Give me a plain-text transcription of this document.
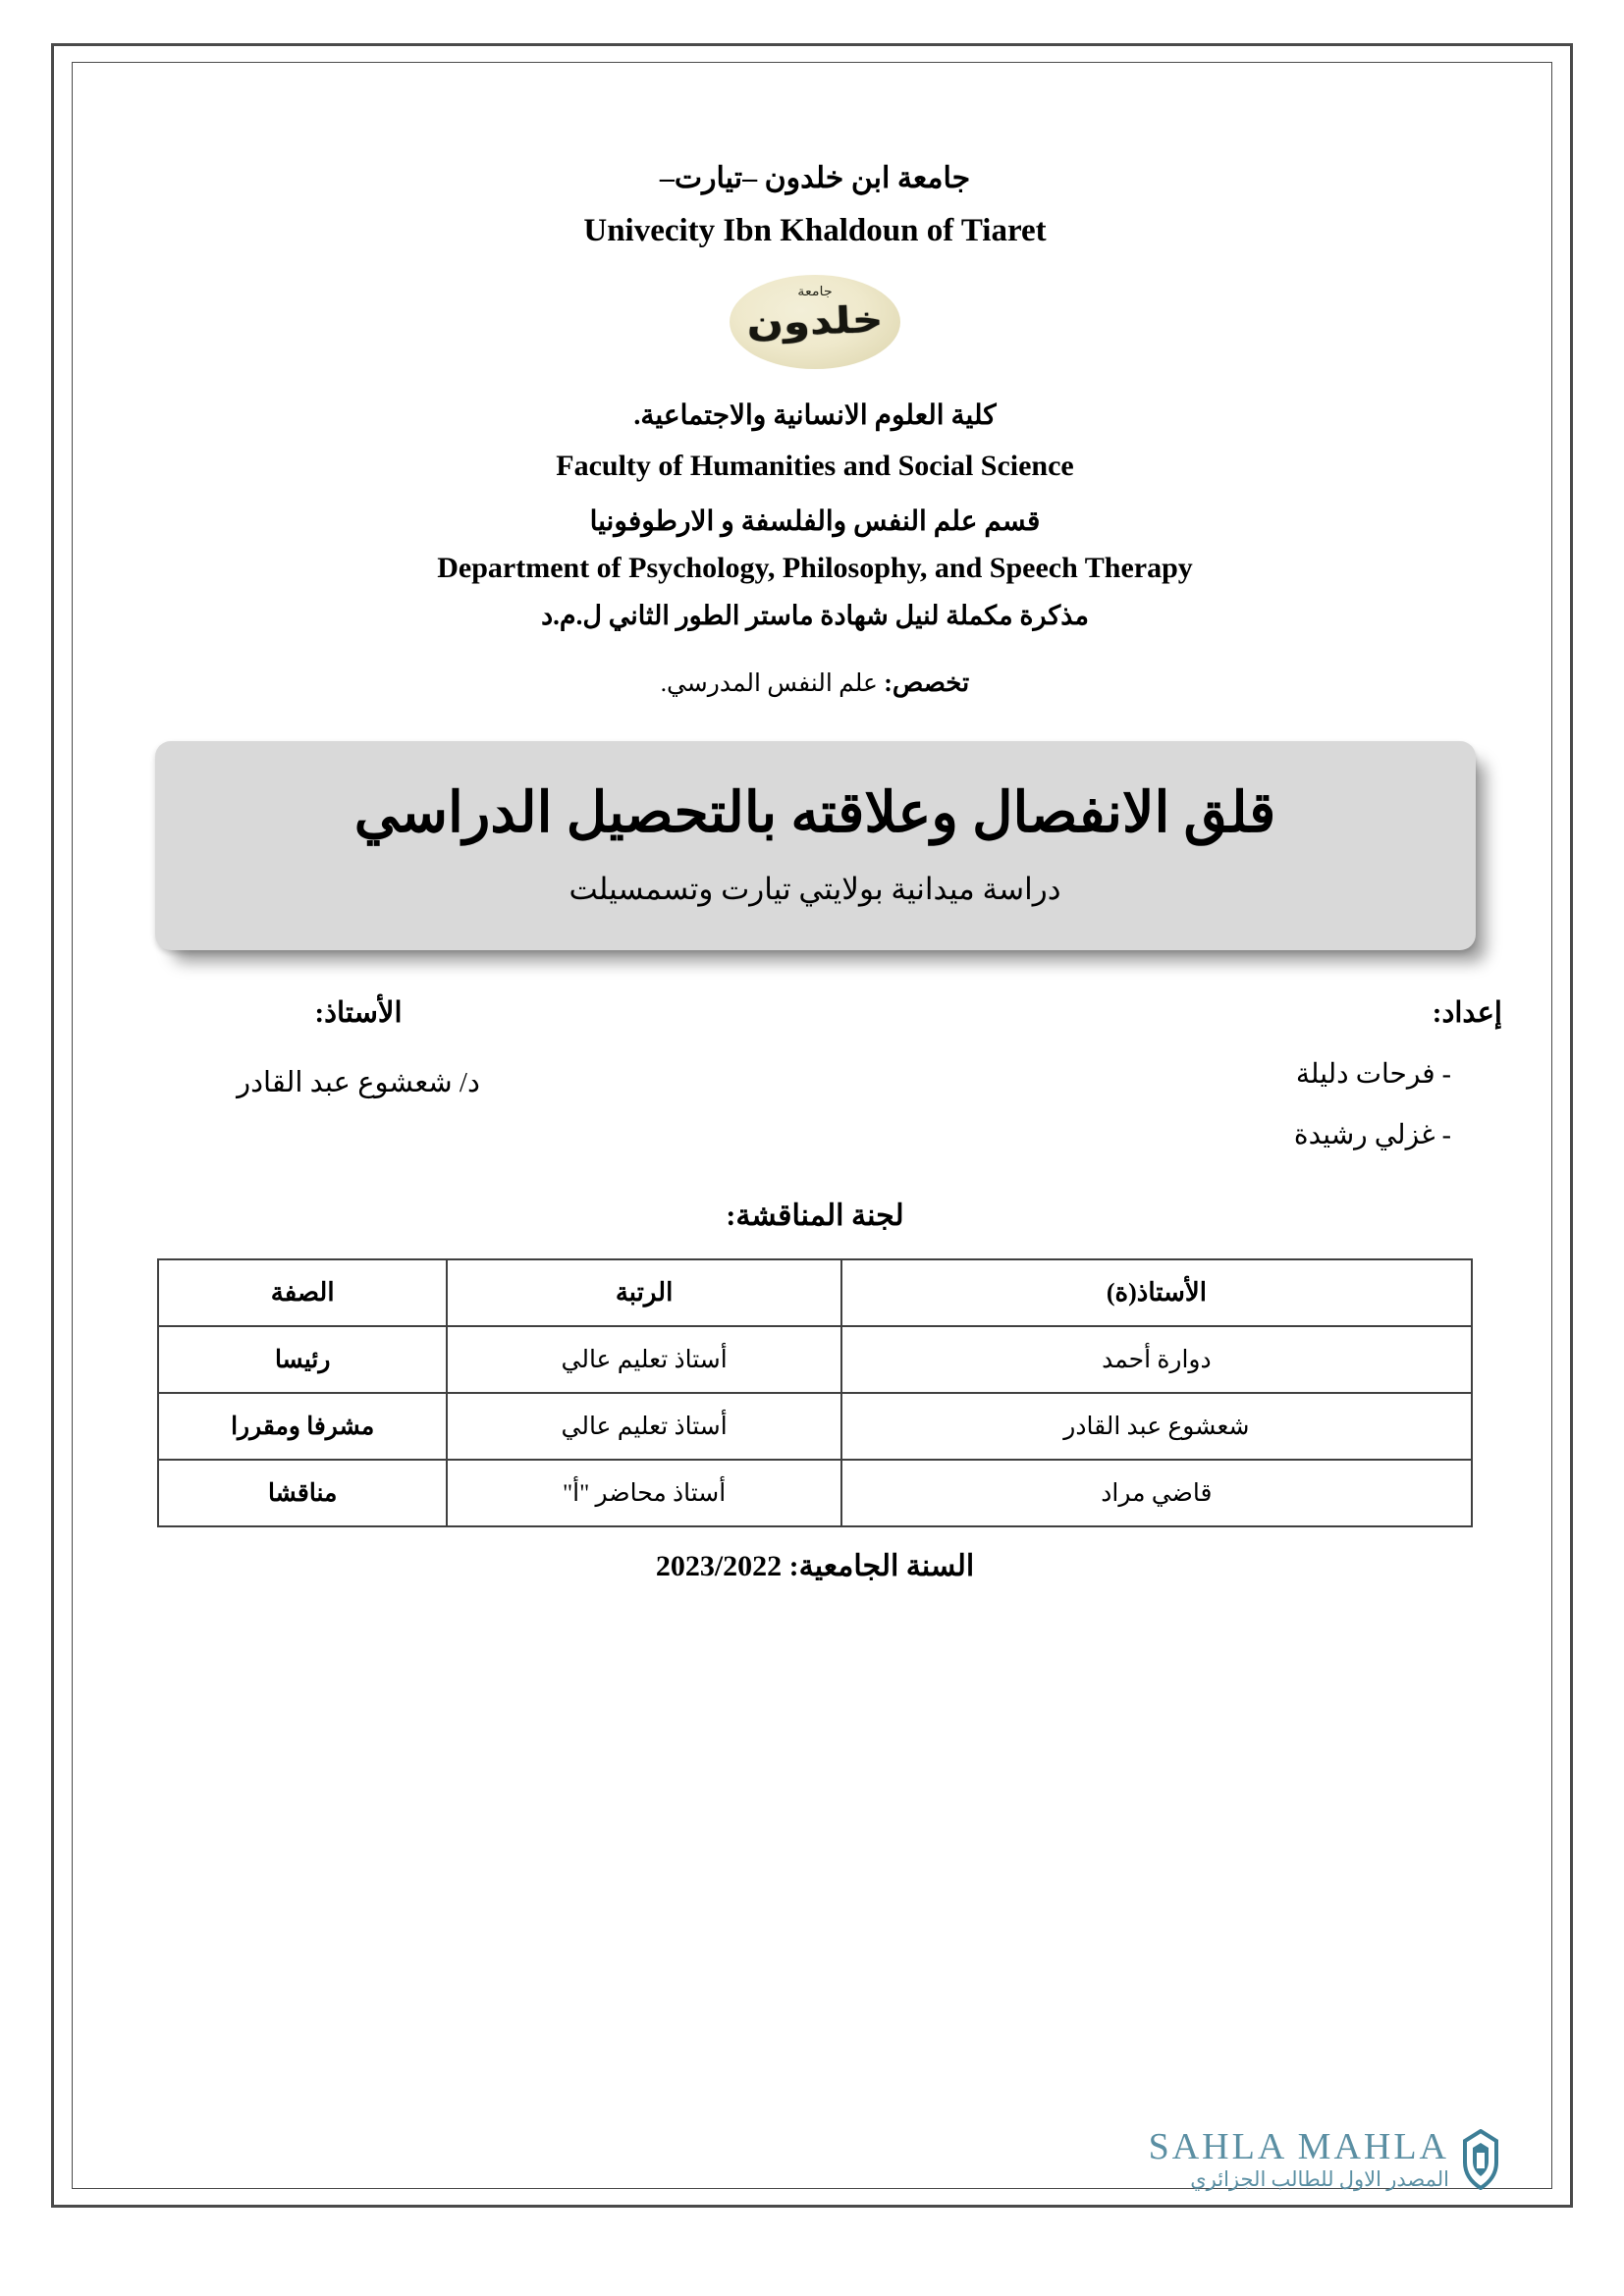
جامعة ابن خلدون –تيارت–
Univecity Ibn Khaldoun of Tiaret
جامعة
خلدون
كلية العلوم الانسانية والاجتماعية.
Faculty of Humanities and Social Science
قسم علم النفس والفلسفة و الارطوفونيا
Department of Psychology, Philosophy, and Speech Therapy
مذكرة مكملة لنيل شهادة ماستر الطور الثاني ل.م.د
تخصص: علم النفس المدرسي.
قلق الانفصال وعلاقته بالتحصيل الدراسي
دراسة ميدانية بولايتي تيارت وتسمسيلت
إعداد:
- فرحات دليلة
- غزلي رشيدة
الأستاذ:
د/ شعشوع عبد القادر
لجنة المناقشة:
الأستاذ(ة)	الرتبة	الصفة
دوارة أحمد	أستاذ تعليم عالي	رئيسا
شعشوع عبد القادر	أستاذ تعليم عالي	مشرفا ومقررا
قاضي مراد	أستاذ محاضر "أ"	مناقشا
السنة الجامعية: 2023/2022
SAHLA MAHLA
المصدر الاول للطالب الجزائري
